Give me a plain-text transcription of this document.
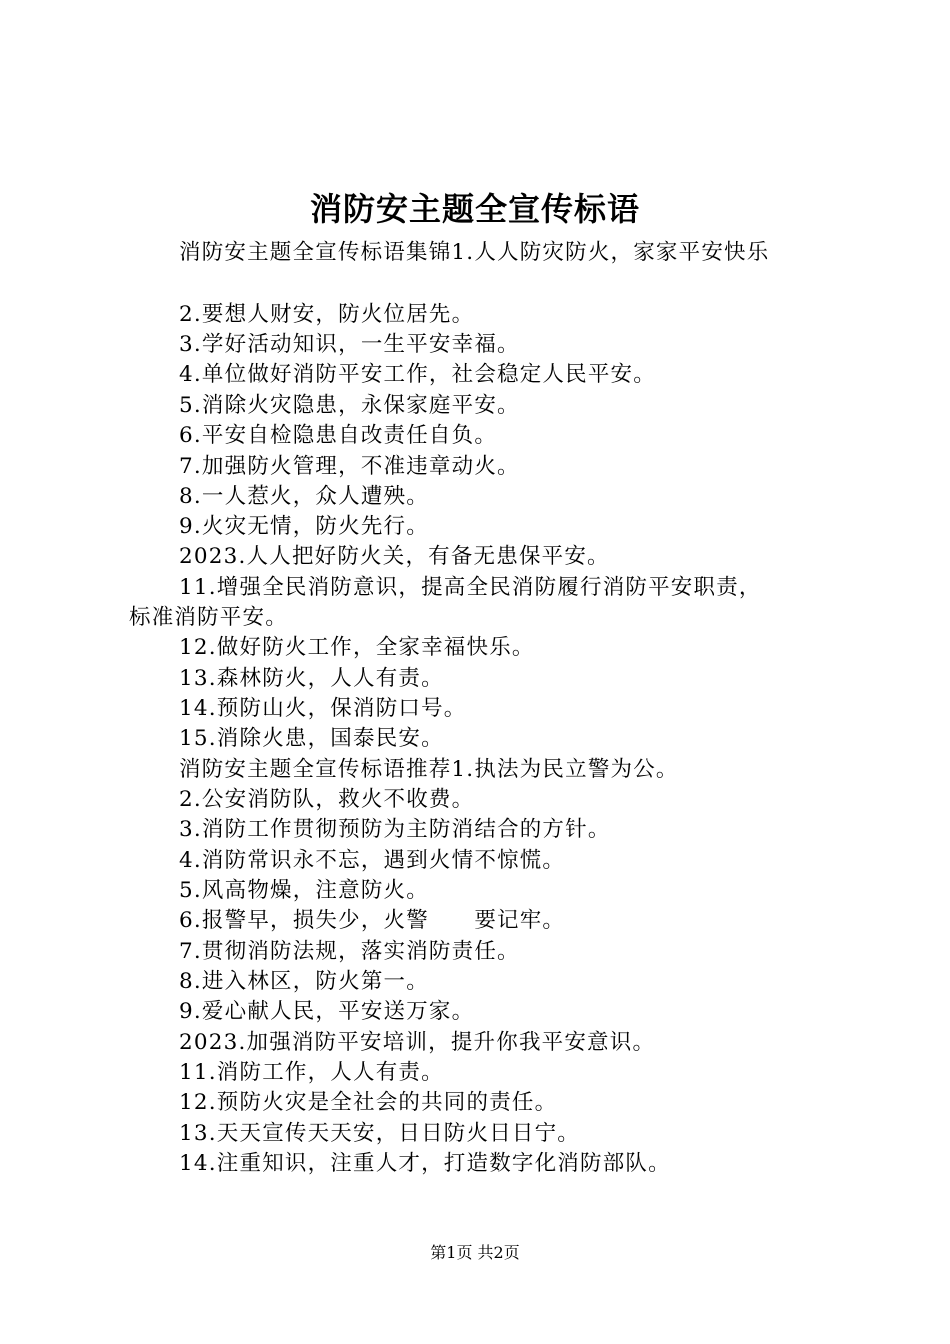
消防安主题全宣传标语
消防安主题全宣传标语集锦1.人人防灾防火，家家平安快乐
2.要想人财安，防火位居先。
3.学好活动知识，一生平安幸福。
4.单位做好消防平安工作，社会稳定人民平安。
5.消除火灾隐患，永保家庭平安。
6.平安自检隐患自改责任自负。
7.加强防火管理，不准违章动火。
8.一人惹火，众人遭殃。
9.火灾无情，防火先行。
2023.人人把好防火关，有备无患保平安。
11.增强全民消防意识，提高全民消防履行消防平安职责，
标准消防平安。
12.做好防火工作，全家幸福快乐。
13.森林防火，人人有责。
14.预防山火，保消防口号。
15.消除火患，国泰民安。
消防安主题全宣传标语推荐1.执法为民立警为公。
2.公安消防队，救火不收费。
3.消防工作贯彻预防为主防消结合的方针。
4.消防常识永不忘，遇到火情不惊慌。
5.风高物燥，注意防火。
6.报警早，损失少，火警　　要记牢。
7.贯彻消防法规，落实消防责任。
8.进入林区，防火第一。
9.爱心献人民，平安送万家。
2023.加强消防平安培训，提升你我平安意识。
11.消防工作，人人有责。
12.预防火灾是全社会的共同的责任。
13.天天宣传天天安，日日防火日日宁。
14.注重知识，注重人才，打造数字化消防部队。
第1页 共2页
